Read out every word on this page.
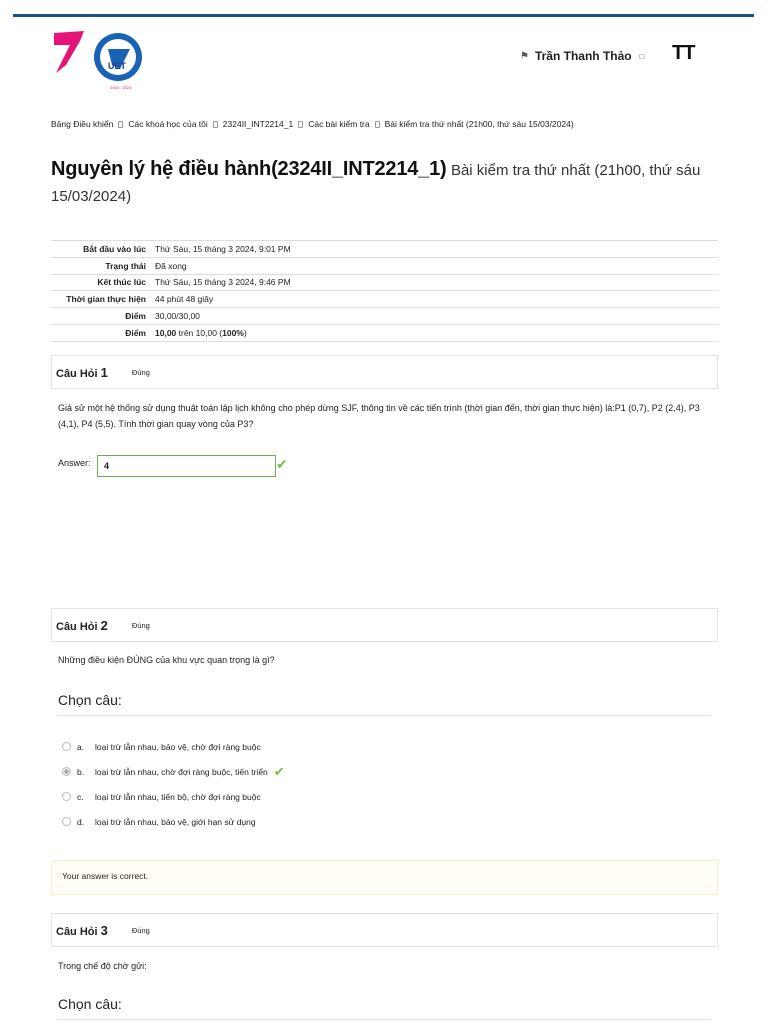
UET
2004 - 2024
⚑ Trần Thanh Thảo □ TT
Bảng Điều khiển Các khoá học của tôi 2324II_INT2214_1 Các bài kiểm tra Bài kiểm tra thứ nhất (21h00, thứ sáu 15/03/2024)
Nguyên lý hệ điều hành(2324II_INT2214_1) Bài kiểm tra thứ nhất (21h00, thứ sáu 15/03/2024)
Bắt đầu vào lúc	Thứ Sáu, 15 tháng 3 2024, 9:01 PM
Trạng thái	Đã xong
Kết thúc lúc	Thứ Sáu, 15 tháng 3 2024, 9:46 PM
Thời gian thực hiện	44 phút 48 giây
Điểm	30,00/30,00
Điểm	10,00 trên 10,00 (100%)
Câu Hỏi 1	Đúng
Giả sử một hệ thống sử dụng thuật toán lập lịch không cho phép dừng SJF, thông tin về các tiến trình (thời gian đến, thời gian thực hiện) là:P1 (0,7), P2 (2,4), P3 (4,1), P4 (5,5). Tính thời gian quay vòng của P3?
Answer:	4	✔
Câu Hỏi 2	Đúng
Những điều kiện ĐÚNG của khu vực quan trọng là gì?
Chọn câu:
a.	loại trừ lẫn nhau, bảo vệ, chờ đợi ràng buộc
b.	loại trừ lẫn nhau, chờ đợi ràng buộc, tiến triển ✔
c.	loại trừ lẫn nhau, tiến bộ, chờ đợi ràng buộc
d.	loại trừ lẫn nhau, bảo vệ, giới hạn sử dụng
Your answer is correct.
Câu Hỏi 3	Đúng
Trong chế độ chờ gửi:
Chọn câu:
